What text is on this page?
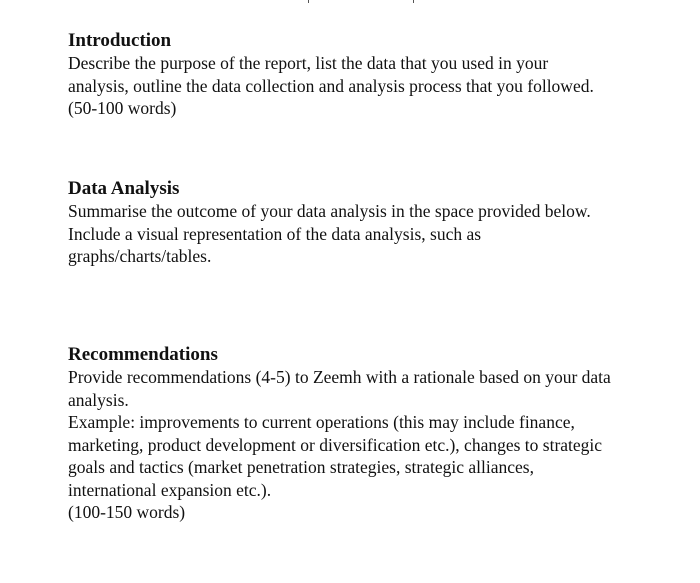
Introduction

Describe the purpose of the report, list the data that you used in your

analysis, outline the data collection and analysis process that you followed.

(50-100 words)

Data Analysis

Summarise the outcome of your data analysis in the space provided below.

Include a visual representation of the data analysis, such as

graphs/charts/tables.

Recommendations

Provide recommendations (4-5) to Zeemh with a rationale based on your data

analysis.

Example: improvements to current operations (this may include finance,

marketing, product development or diversification etc.), changes to strategic

goals and tactics (market penetration strategies, strategic alliances,

international expansion etc.).

(100-150 words)
